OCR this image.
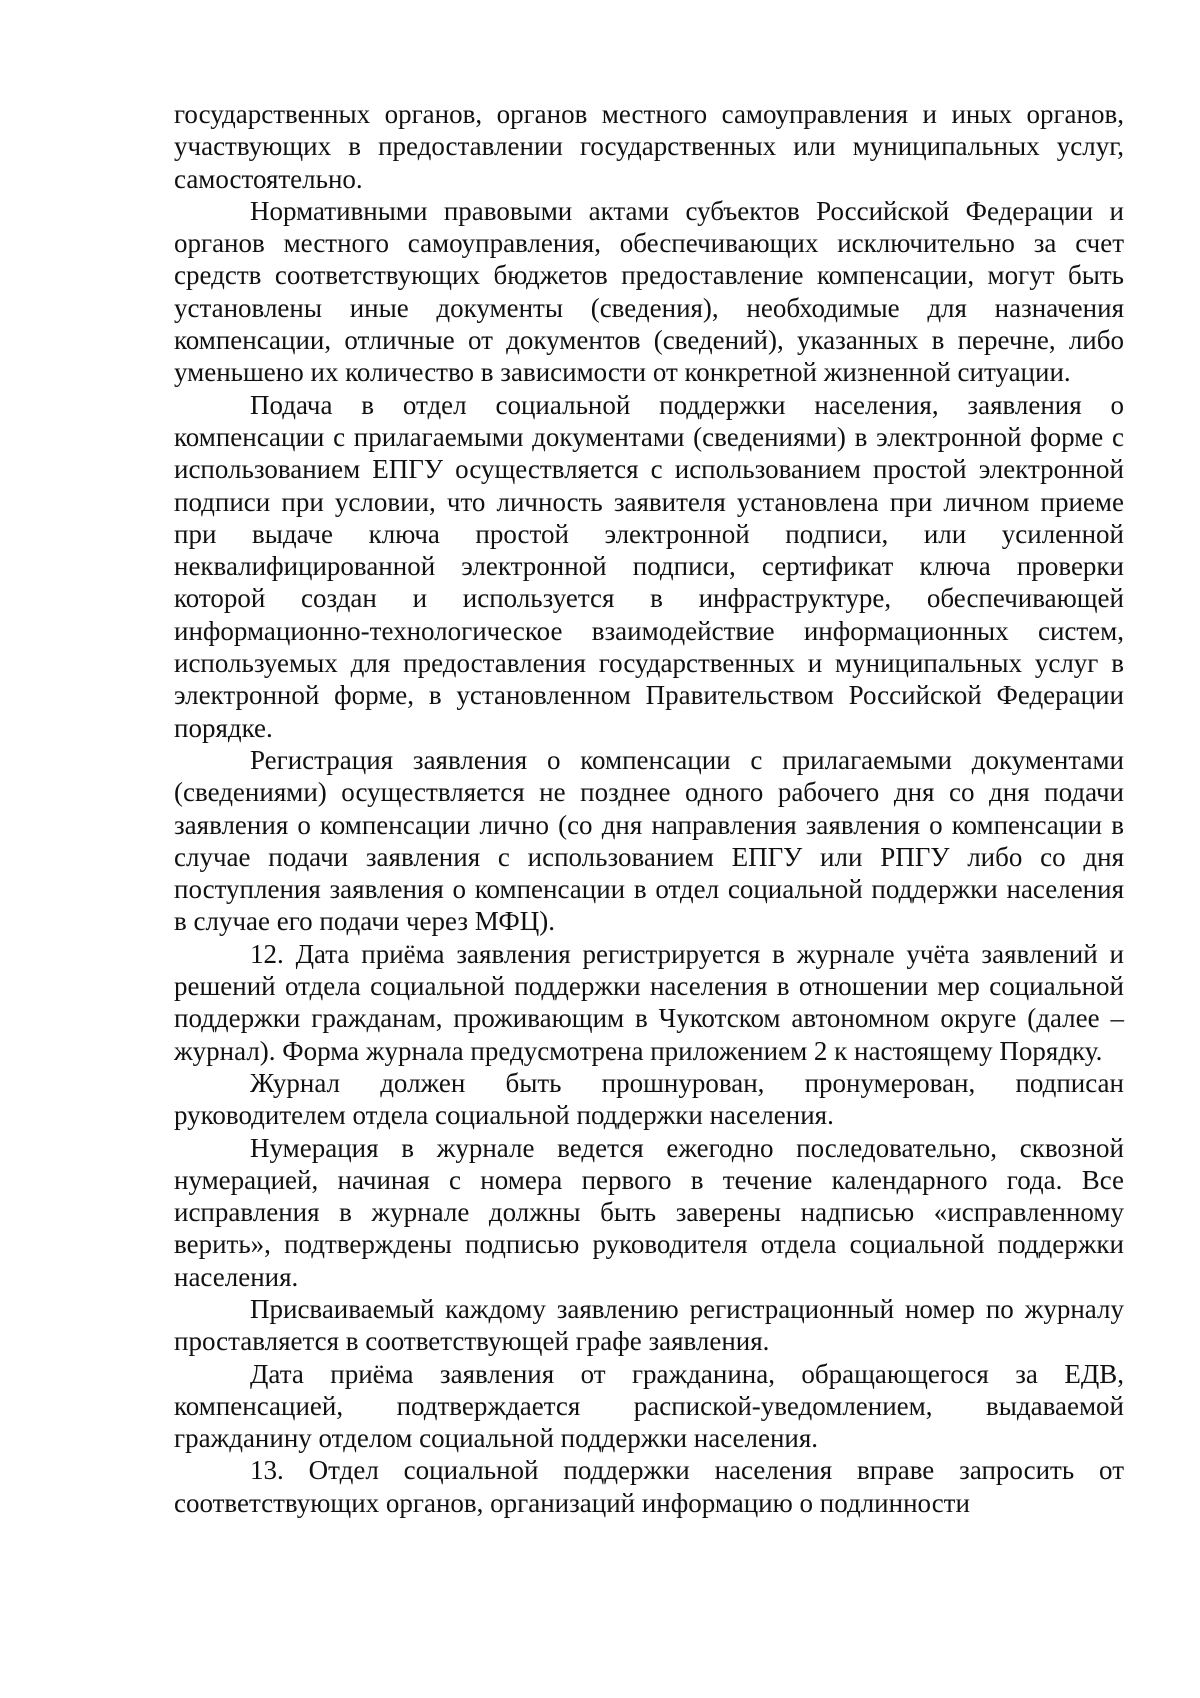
государственных органов, органов местного самоуправления и иных органов, участвующих в предоставлении государственных или муниципальных услуг, самостоятельно.

Нормативными правовыми актами субъектов Российской Федерации и органов местного самоуправления, обеспечивающих исключительно за счет средств соответствующих бюджетов предоставление компенсации, могут быть установлены иные документы (сведения), необходимые для назначения компенсации, отличные от документов (сведений), указанных в перечне, либо уменьшено их количество в зависимости от конкретной жизненной ситуации.

Подача в отдел социальной поддержки населения, заявления о компенсации с прилагаемыми документами (сведениями) в электронной форме с использованием ЕПГУ осуществляется с использованием простой электронной подписи при условии, что личность заявителя установлена при личном приеме при выдаче ключа простой электронной подписи, или усиленной неквалифицированной электронной подписи, сертификат ключа проверки которой создан и используется в инфраструктуре, обеспечивающей информационно-технологическое взаимодействие информационных систем, используемых для предоставления государственных и муниципальных услуг в электронной форме, в установленном Правительством Российской Федерации порядке.

Регистрация заявления о компенсации с прилагаемыми документами (сведениями) осуществляется не позднее одного рабочего дня со дня подачи заявления о компенсации лично (со дня направления заявления о компенсации в случае подачи заявления с использованием ЕПГУ или РПГУ либо со дня поступления заявления о компенсации в отдел социальной поддержки населения в случае его подачи через МФЦ).

12. Дата приёма заявления регистрируется в журнале учёта заявлений и решений отдела социальной поддержки населения в отношении мер социальной поддержки гражданам, проживающим в Чукотском автономном округе (далее – журнал). Форма журнала предусмотрена приложением 2 к настоящему Порядку.

Журнал должен быть прошнурован, пронумерован, подписан руководителем отдела социальной поддержки населения.

Нумерация в журнале ведется ежегодно последовательно, сквозной нумерацией, начиная с номера первого в течение календарного года. Все исправления в журнале должны быть заверены надписью «исправленному верить», подтверждены подписью руководителя отдела социальной поддержки населения.

Присваиваемый каждому заявлению регистрационный номер по журналу проставляется в соответствующей графе заявления.

Дата приёма заявления от гражданина, обращающегося за ЕДВ, компенсацией, подтверждается распиской-уведомлением, выдаваемой гражданину отделом социальной поддержки населения.

13. Отдел социальной поддержки населения вправе запросить от соответствующих органов, организаций информацию о подлинности
